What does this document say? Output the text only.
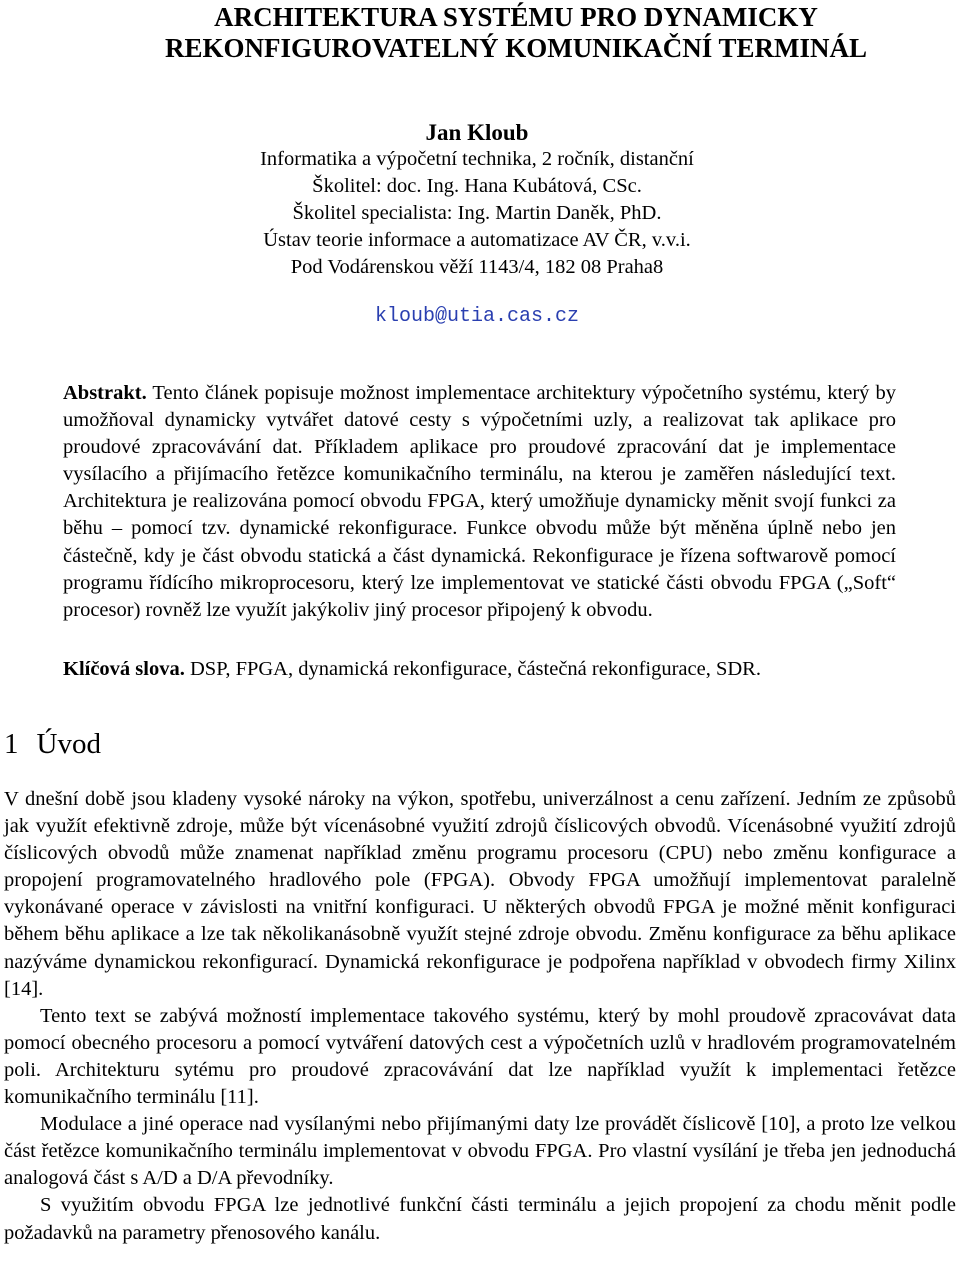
ARCHITEKTURA SYSTÉMU PRO DYNAMICKY
REKONFIGUROVATELNÝ KOMUNIKAČNÍ TERMINÁL
Jan Kloub
Informatika a výpočetní technika, 2 ročník, distanční
Školitel: doc. Ing. Hana Kubátová, CSc.
Školitel specialista: Ing. Martin Daněk, PhD.
Ústav teorie informace a automatizace AV ČR, v.v.i.
Pod Vodárenskou věží 1143/4, 182 08 Praha8
kloub@utia.cas.cz
Abstrakt. Tento článek popisuje možnost implementace architektury výpočetního systému, který by umožňoval dynamicky vytvářet datové cesty s výpočetními uzly, a realizovat tak aplikace pro proudové zpracovávání dat. Příkladem aplikace pro proudové zpracování dat je implementace vysílacího a přijímacího řetězce komunikačního terminálu, na kterou je zaměřen následující text. Architektura je realizována pomocí obvodu FPGA, který umožňuje dynamicky měnit svojí funkci za běhu – pomocí tzv. dynamické rekonfigurace. Funkce obvodu může být měněna úplně nebo jen částečně, kdy je část obvodu statická a část dynamická. Rekonfigurace je řízena softwarově pomocí programu řídícího mikroprocesoru, který lze implementovat ve statické části obvodu FPGA („Soft“ procesor) rovněž lze využít jakýkoliv jiný procesor připojený k obvodu.
Klíčová slova. DSP, FPGA, dynamická rekonfigurace, částečná rekonfigurace, SDR.
1 Úvod

V dnešní době jsou kladeny vysoké nároky na výkon, spotřebu, univerzálnost a cenu zařízení. Jedním ze způsobů jak využít efektivně zdroje, může být vícenásobné využití zdrojů číslicových obvodů. Vícenásobné využití zdrojů číslicových obvodů může znamenat například změnu programu procesoru (CPU) nebo změnu konfigurace a propojení programovatelného hradlového pole (FPGA). Obvody FPGA umožňují implementovat paralelně vykonávané operace v závislosti na vnitřní konfiguraci. U některých obvodů FPGA je možné měnit konfiguraci během běhu aplikace a lze tak několikanásobně využít stejné zdroje obvodu. Změnu konfigurace za běhu aplikace nazýváme dynamickou rekonfigurací. Dynamická rekonfigurace je podpořena například v obvodech firmy Xilinx [14].

Tento text se zabývá možností implementace takového systému, který by mohl proudově zpracovávat data pomocí obecného procesoru a pomocí vytváření datových cest a výpočetních uzlů v hradlovém programovatelném poli. Architekturu sytému pro proudové zpracovávání dat lze například využít k implementaci řetězce komunikačního terminálu [11].

Modulace a jiné operace nad vysílanými nebo přijímanými daty lze provádět číslicově [10], a proto lze velkou část řetězce komunikačního terminálu implementovat v obvodu FPGA. Pro vlastní vysílání je třeba jen jednoduchá analogová část s A/D a D/A převodníky.

S využitím obvodu FPGA lze jednotlivé funkční části terminálu a jejich propojení za chodu měnit podle požadavků na parametry přenosového kanálu.
